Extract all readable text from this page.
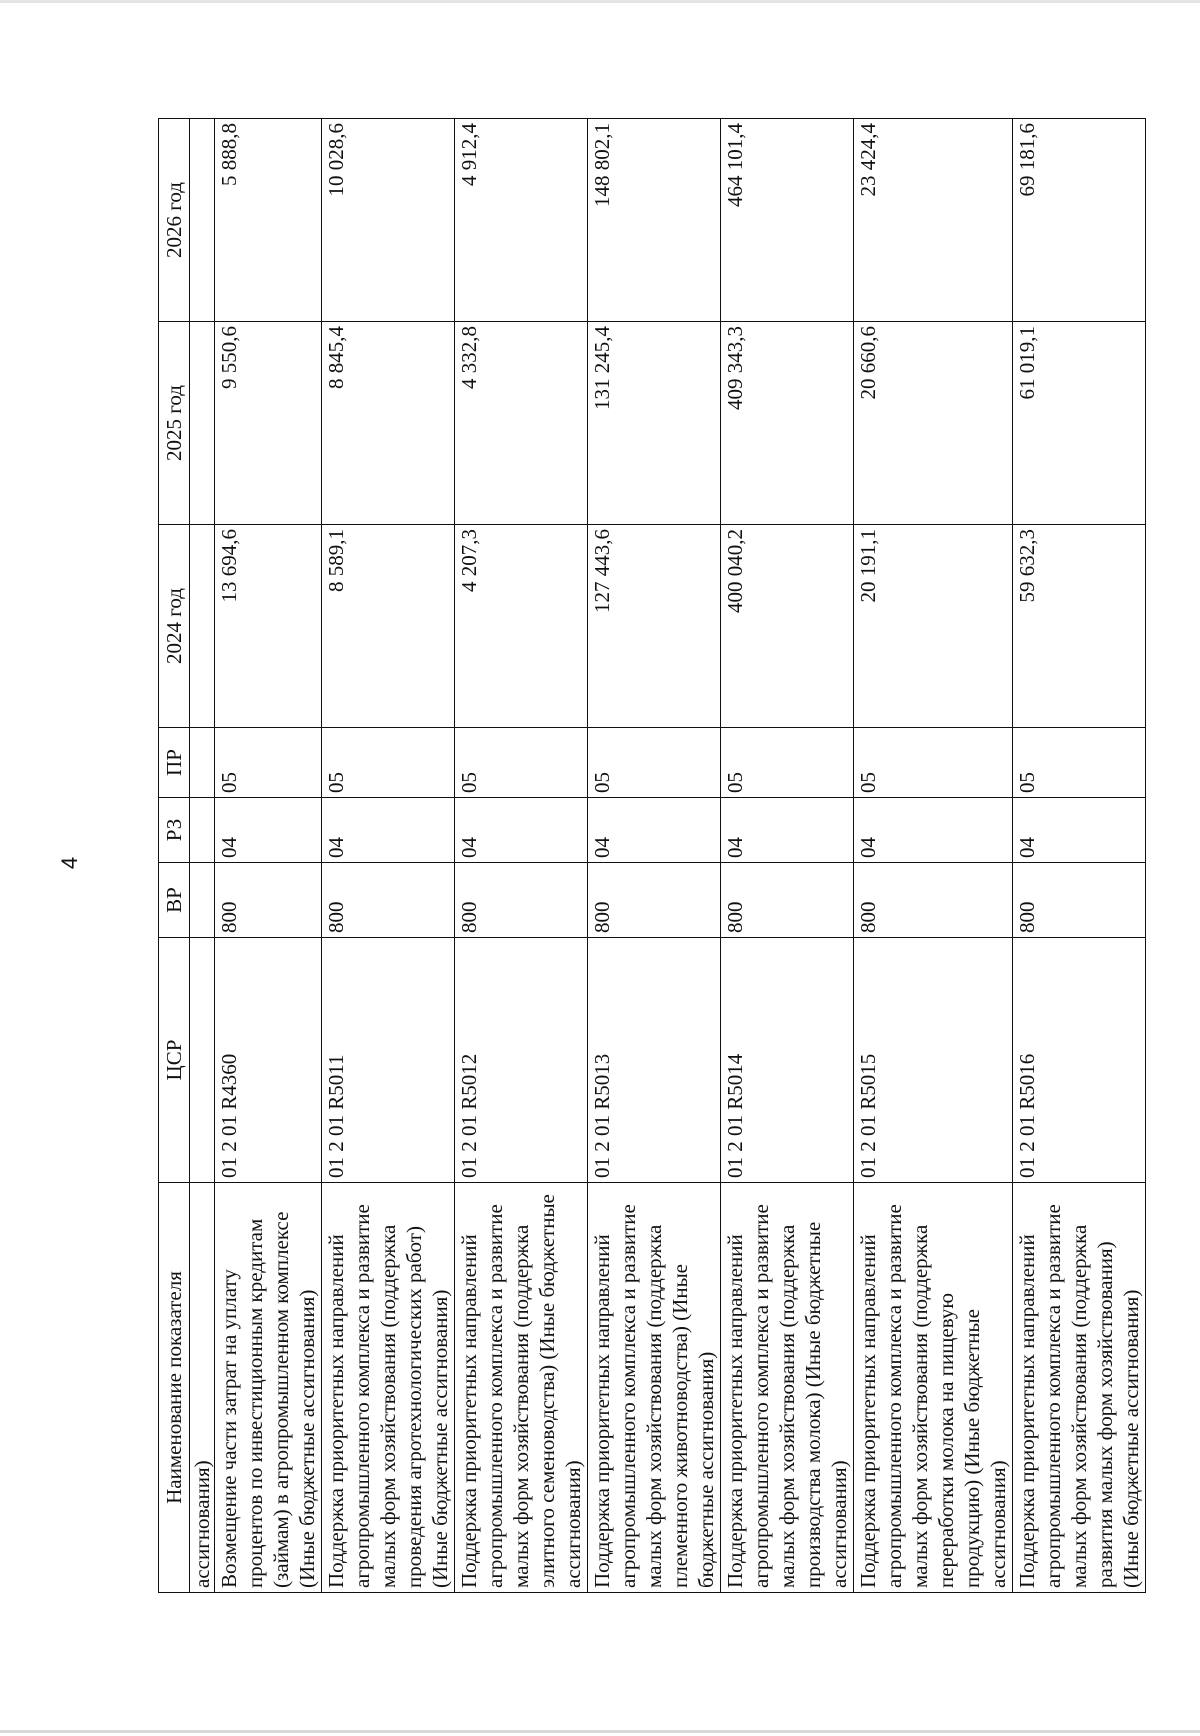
4
Наименование показателя	ЦСР	ВР	РЗ	ПР	2024 год	2025 год	2026 год
ассигнования)							
Возмещение части затрат на уплату процентов по инвестиционным кредитам (займам) в агропромышленном комплексе (Иные бюджетные ассигнования)	01 2 01 R4360	800	04	05	13 694,6	9 550,6	5 888,8
Поддержка приоритетных направлений агропромышленного комплекса и развитие малых форм хозяйствования (поддержка проведения агротехнологических работ) (Иные бюджетные ассигнования)	01 2 01 R5011	800	04	05	8 589,1	8 845,4	10 028,6
Поддержка приоритетных направлений агропромышленного комплекса и развитие малых форм хозяйствования (поддержка элитного семеноводства) (Иные бюджетные ассигнования)	01 2 01 R5012	800	04	05	4 207,3	4 332,8	4 912,4
Поддержка приоритетных направлений агропромышленного комплекса и развитие малых форм хозяйствования (поддержка племенного животноводства) (Иные бюджетные ассигнования)	01 2 01 R5013	800	04	05	127 443,6	131 245,4	148 802,1
Поддержка приоритетных направлений агропромышленного комплекса и развитие малых форм хозяйствования (поддержка производства молока) (Иные бюджетные ассигнования)	01 2 01 R5014	800	04	05	400 040,2	409 343,3	464 101,4
Поддержка приоритетных направлений агропромышленного комплекса и развитие малых форм хозяйствования (поддержка переработки молока на пищевую продукцию) (Иные бюджетные ассигнования)	01 2 01 R5015	800	04	05	20 191,1	20 660,6	23 424,4
Поддержка приоритетных направлений агропромышленного комплекса и развитие малых форм хозяйствования (поддержка развития малых форм хозяйствования) (Иные бюджетные ассигнования)	01 2 01 R5016	800	04	05	59 632,3	61 019,1	69 181,6
